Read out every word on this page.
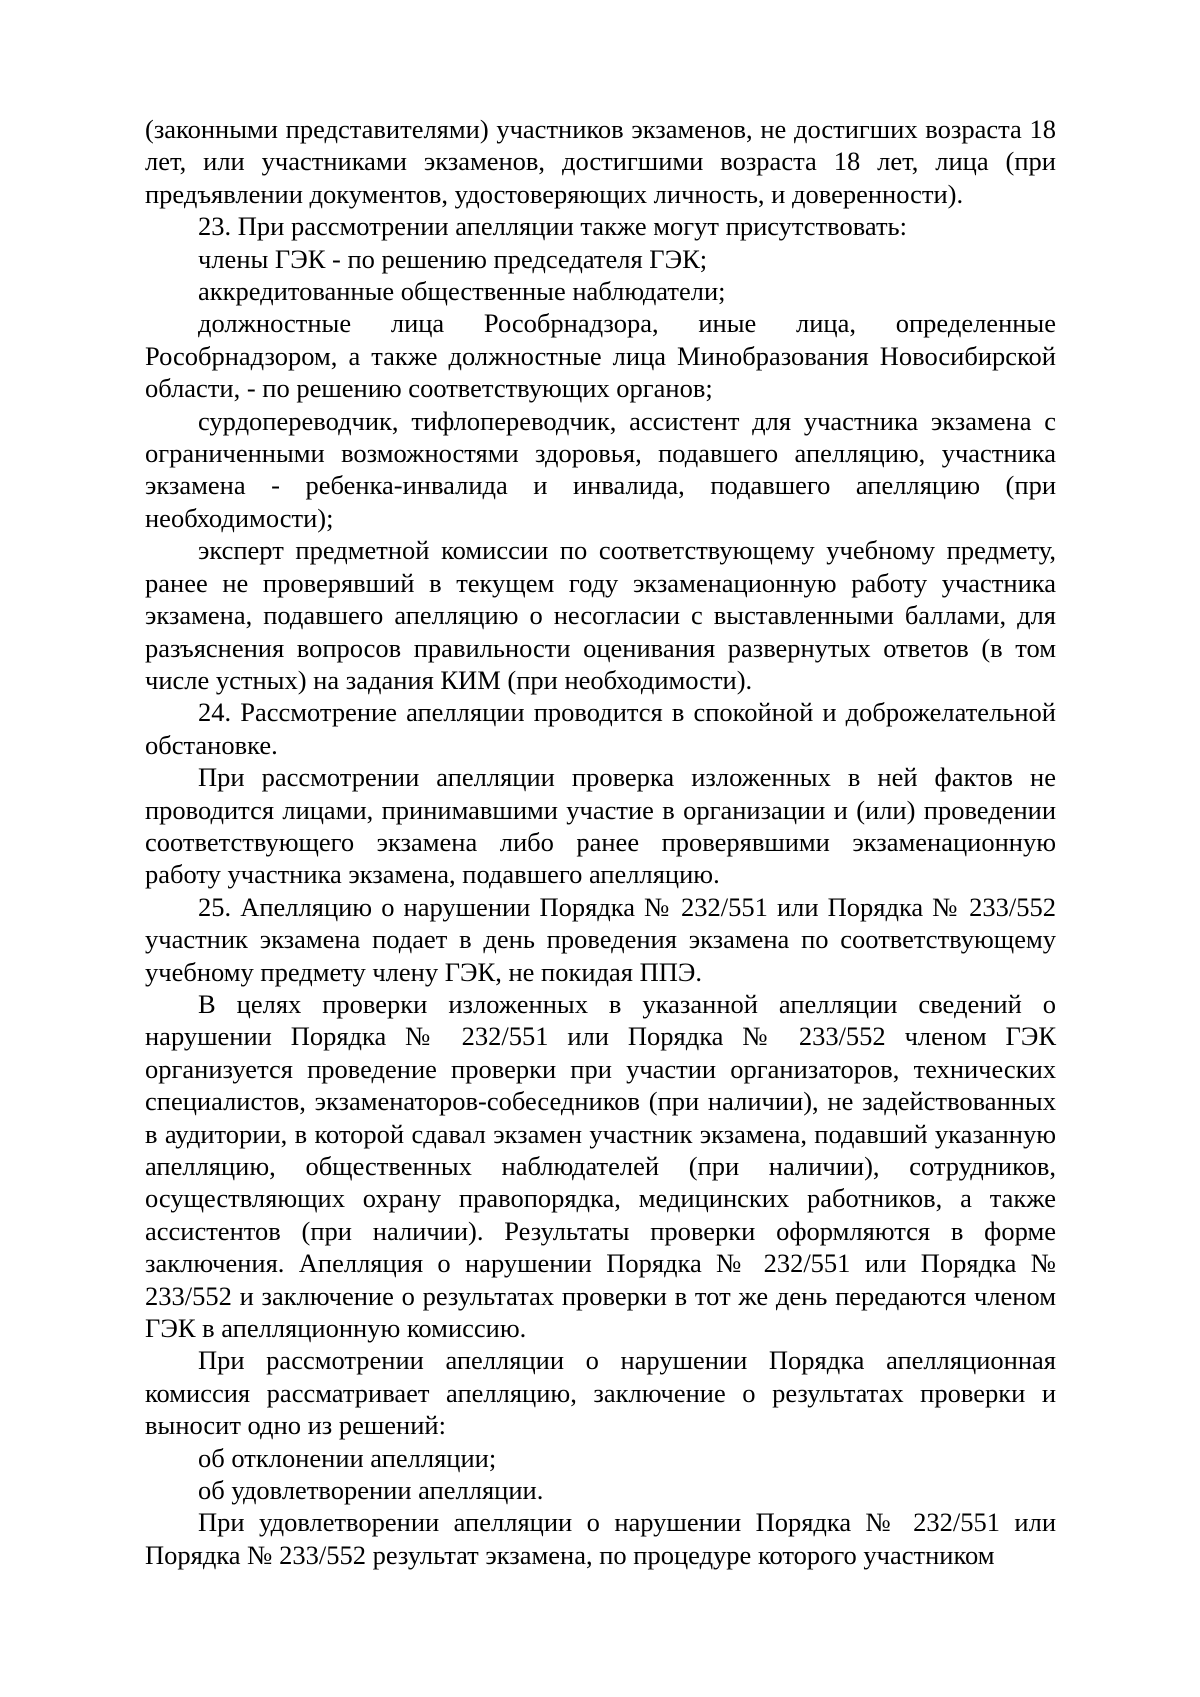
(законными представителями) участников экзаменов, не достигших возраста 18 лет, или участниками экзаменов, достигшими возраста 18 лет, лица (при предъявлении документов, удостоверяющих личность, и доверенности).

23. При рассмотрении апелляции также могут присутствовать:

члены ГЭК - по решению председателя ГЭК;

аккредитованные общественные наблюдатели;

должностные лица Рособрнадзора, иные лица, определенные Рособрнадзором, а также должностные лица Минобразования Новосибирской области, - по решению соответствующих органов;

сурдопереводчик, тифлопереводчик, ассистент для участника экзамена с ограниченными возможностями здоровья, подавшего апелляцию, участника экзамена - ребенка-инвалида и инвалида, подавшего апелляцию (при необходимости);

эксперт предметной комиссии по соответствующему учебному предмету, ранее не проверявший в текущем году экзаменационную работу участника экзамена, подавшего апелляцию о несогласии с выставленными баллами, для разъяснения вопросов правильности оценивания развернутых ответов (в том числе устных) на задания КИМ (при необходимости).

24. Рассмотрение апелляции проводится в спокойной и доброжелательной обстановке.

При рассмотрении апелляции проверка изложенных в ней фактов не проводится лицами, принимавшими участие в организации и (или) проведении соответствующего экзамена либо ранее проверявшими экзаменационную работу участника экзамена, подавшего апелляцию.

25. Апелляцию о нарушении Порядка № 232/551 или Порядка № 233/552 участник экзамена подает в день проведения экзамена по соответствующему учебному предмету члену ГЭК, не покидая ППЭ.

В целях проверки изложенных в указанной апелляции сведений о нарушении Порядка № 232/551 или Порядка № 233/552 членом ГЭК организуется проведение проверки при участии организаторов, технических специалистов, экзаменаторов-собеседников (при наличии), не задействованных в аудитории, в которой сдавал экзамен участник экзамена, подавший указанную апелляцию, общественных наблюдателей (при наличии), сотрудников, осуществляющих охрану правопорядка, медицинских работников, а также ассистентов (при наличии). Результаты проверки оформляются в форме заключения. Апелляция о нарушении Порядка № 232/551 или Порядка № 233/552 и заключение о результатах проверки в тот же день передаются членом ГЭК в апелляционную комиссию.

При рассмотрении апелляции о нарушении Порядка апелляционная комиссия рассматривает апелляцию, заключение о результатах проверки и выносит одно из решений:

об отклонении апелляции;

об удовлетворении апелляции.

При удовлетворении апелляции о нарушении Порядка № 232/551 или Порядка № 233/552 результат экзамена, по процедуре которого участником
